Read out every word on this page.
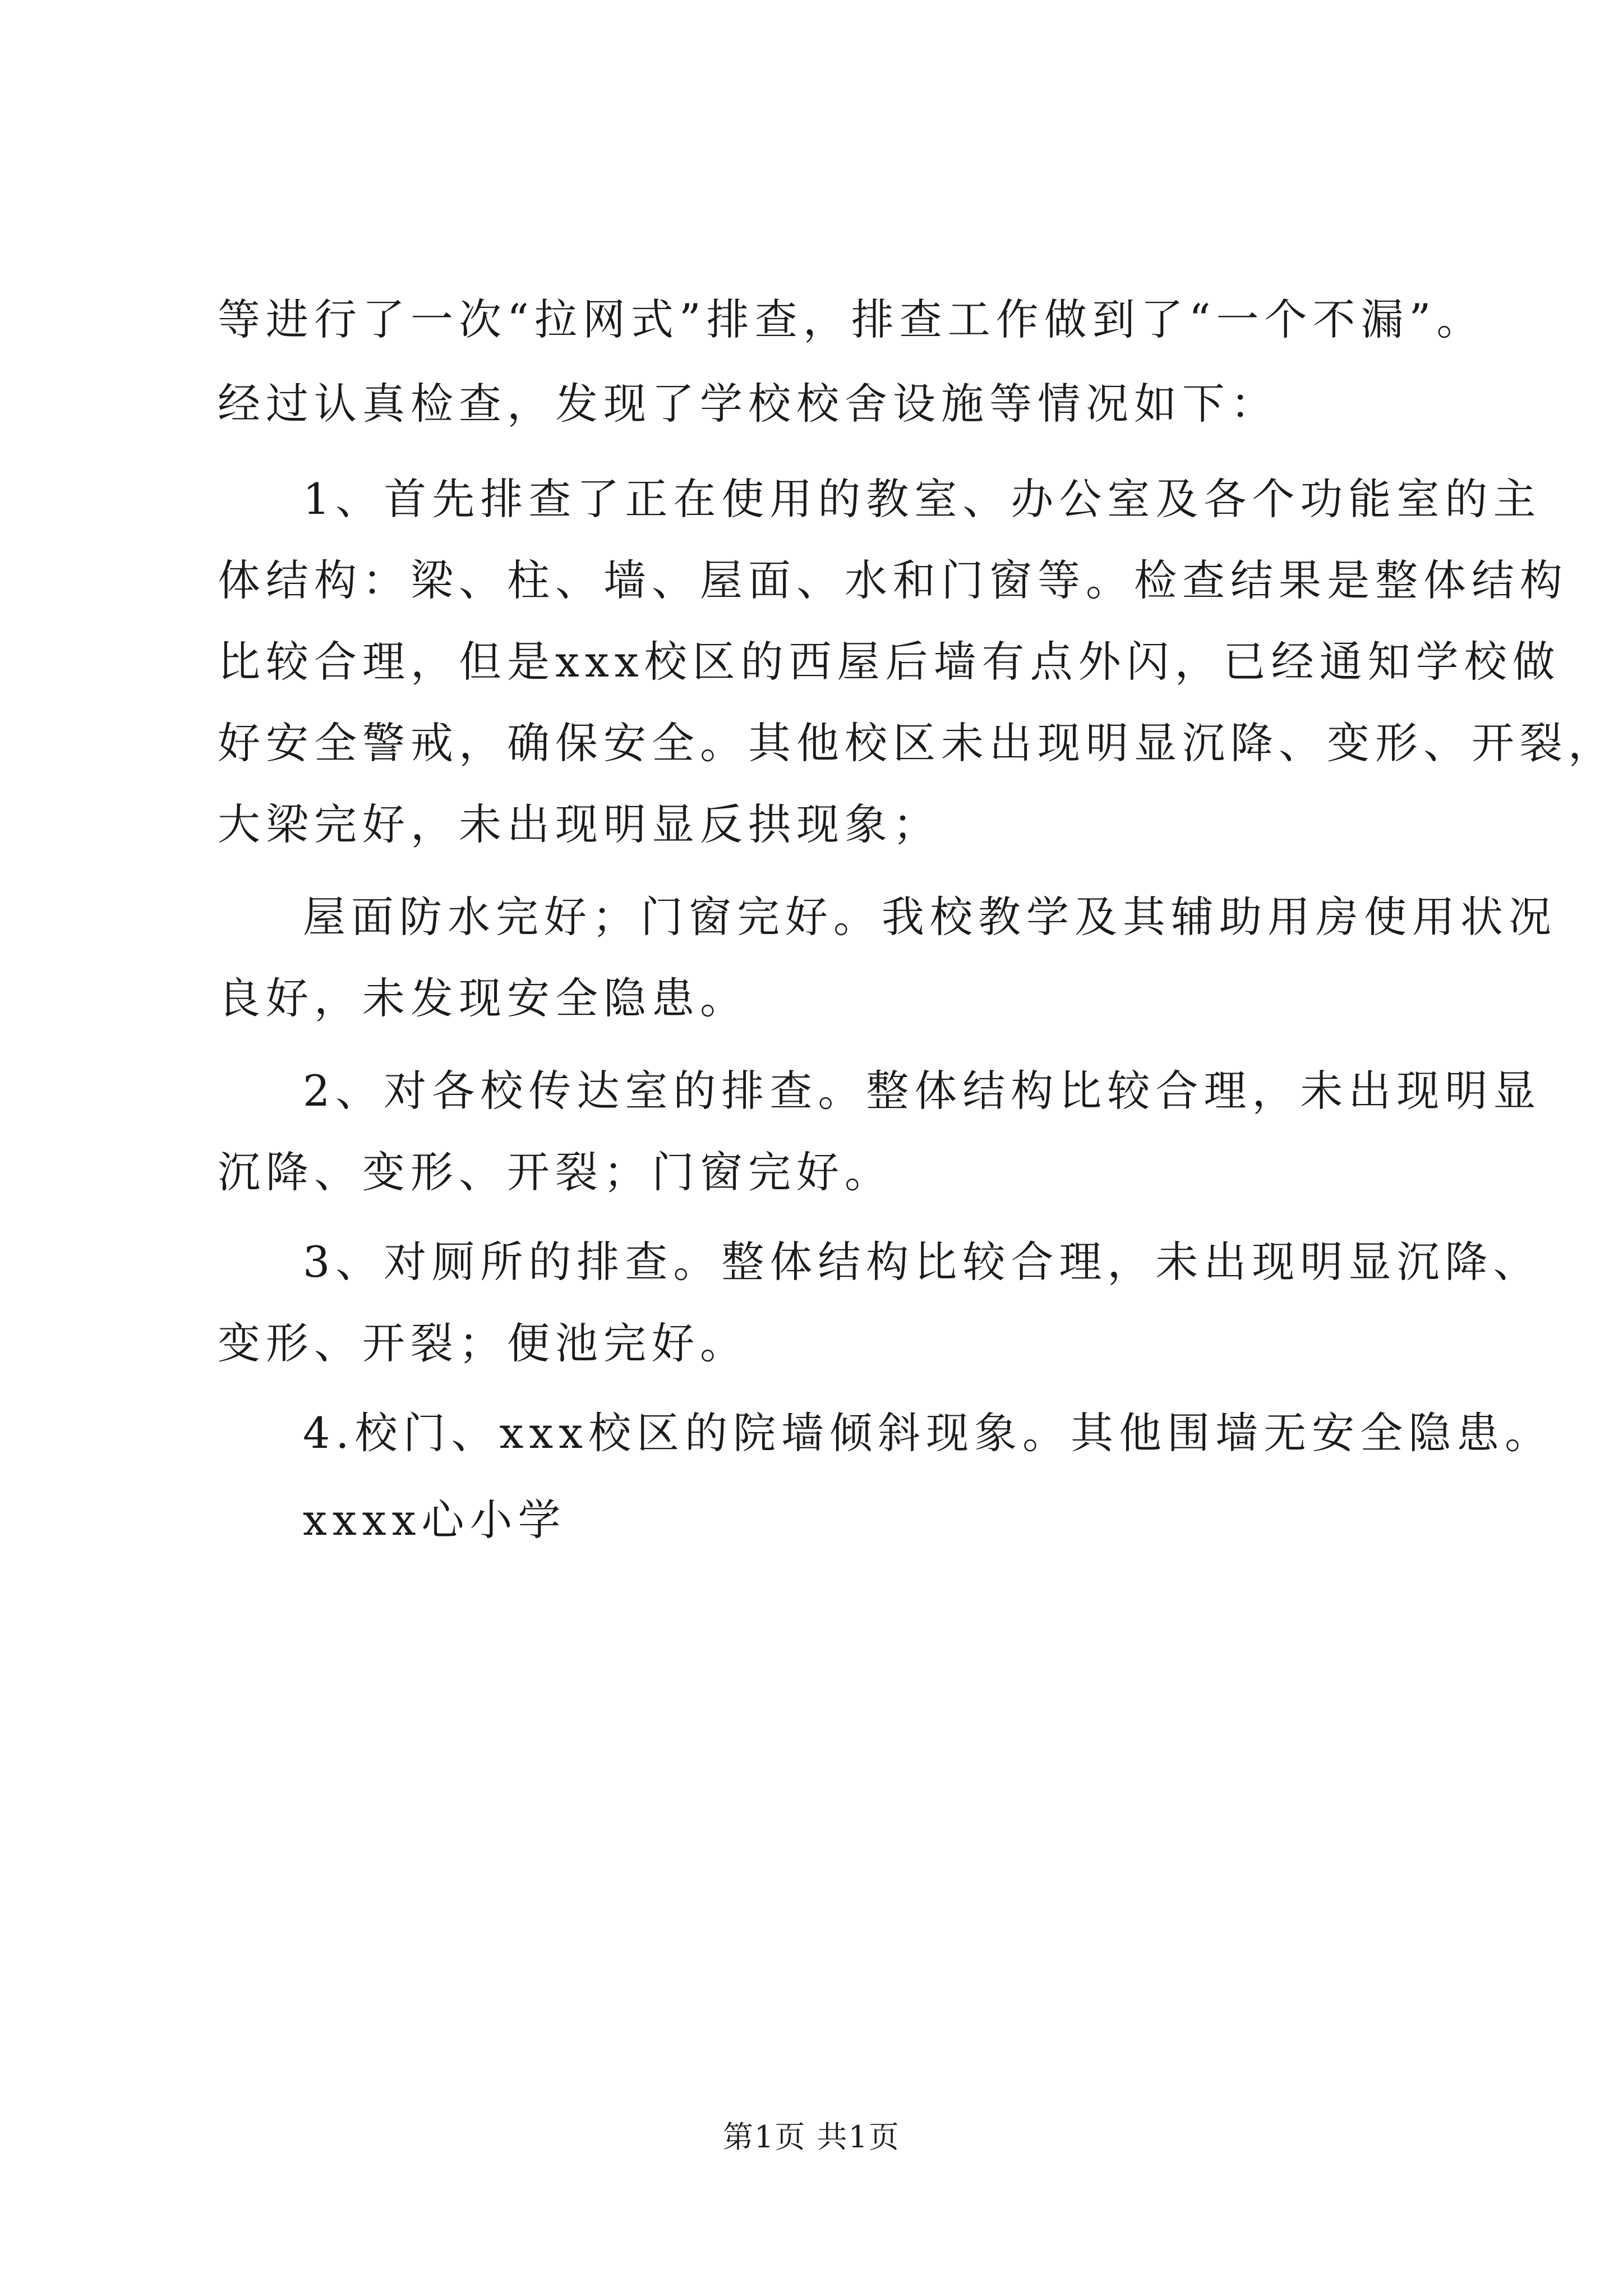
等进行了一次“拉网式”排查，排查工作做到了“一个不漏”。
经过认真检查，发现了学校校舍设施等情况如下：
1、首先排查了正在使用的教室、办公室及各个功能室的主
体结构：梁、柱、墙、屋面、水和门窗等。检查结果是整体结构
比较合理，但是xxx校区的西屋后墙有点外闪，已经通知学校做
好安全警戒，确保安全。其他校区未出现明显沉降、变形、开裂，
大梁完好，未出现明显反拱现象；
屋面防水完好；门窗完好。我校教学及其辅助用房使用状况
良好，未发现安全隐患。
2、对各校传达室的排查。整体结构比较合理，未出现明显
沉降、变形、开裂；门窗完好。
3、对厕所的排查。整体结构比较合理，未出现明显沉降、
变形、开裂；便池完好。
4.校门、xxx校区的院墙倾斜现象。其他围墙无安全隐患。
xxxx心小学
第1页 共1页
